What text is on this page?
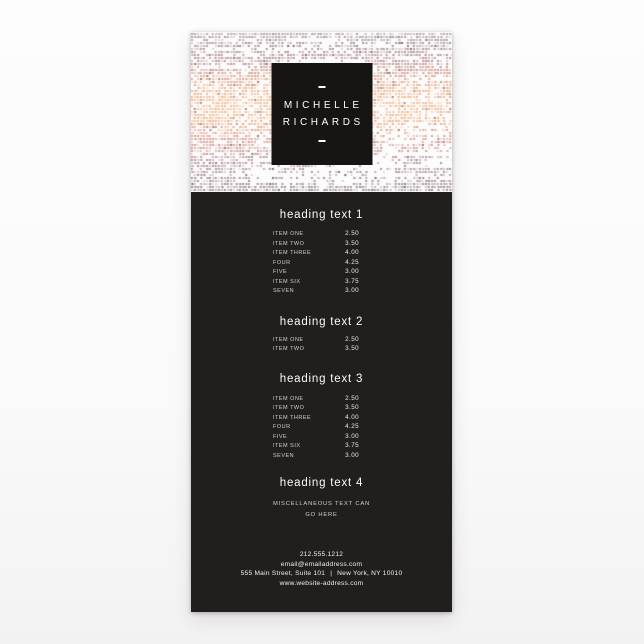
MICHELLE
RICHARDS
heading text 1
ITEM ONE	2.50
ITEM TWO	3.50
ITEM THREE	4.00
FOUR	4.25
FIVE	3.00
ITEM SIX	3.75
SEVEN	3.00
heading text 2
ITEM ONE	2.50
ITEM TWO	3.50
heading text 3
ITEM ONE	2.50
ITEM TWO	3.50
ITEM THREE	4.00
FOUR	4.25
FIVE	3.00
ITEM SIX	3.75
SEVEN	3.00
heading text 4
MISCELLANEOUS TEXT CAN
GO HERE
212.555.1212
email@emailaddress.com
555 Main Street, Suite 101 | New York, NY 10010
www.website-address.com
